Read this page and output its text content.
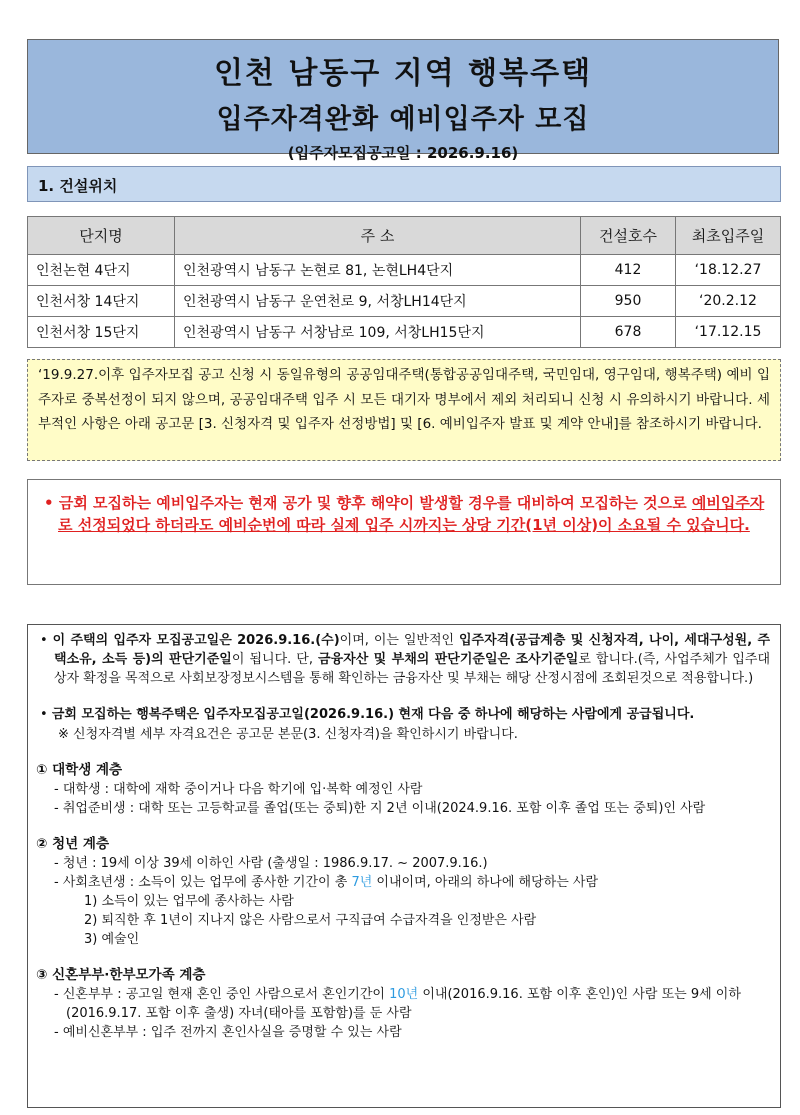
인천 남동구 지역 행복주택
입주자격완화 예비입주자 모집
(입주자모집공고일 : 2026.9.16)
1. 건설위치
단지명	주 소	건설호수	최초입주일
인천논현 4단지	인천광역시 남동구 논현로 81, 논현LH4단지	412	‘18.12.27
인천서창 14단지	인천광역시 남동구 운연천로 9, 서창LH14단지	950	‘20.2.12
인천서창 15단지	인천광역시 남동구 서창남로 109, 서창LH15단지	678	‘17.12.15
‘19.9.27.이후 입주자모집 공고 신청 시 동일유형의 공공임대주택(통합공공임대주택, 국민임대, 영구임대, 행복주택) 예비 입주자로 중복선정이 되지 않으며, 공공임대주택 입주 시 모든 대기자 명부에서 제외 처리되니 신청 시 유의하시기 바랍니다. 세부적인 사항은 아래 공고문 [3. 신청자격 및 입주자 선정방법] 및 [6. 예비입주자 발표 및 계약 안내]를 참조하시기 바랍니다.
• 금회 모집하는 예비입주자는 현재 공가 및 향후 해약이 발생할 경우를 대비하여 모집하는 것으로 예비입주자로 선정되었다 하더라도 예비순번에 따라 실제 입주 시까지는 상당 기간(1년 이상)이 소요될 수 있습니다.
• 이 주택의 입주자 모집공고일은 2026.9.16.(수)이며, 이는 일반적인 입주자격(공급계층 및 신청자격, 나이, 세대구성원, 주택소유, 소득 등)의 판단기준일이 됩니다. 단, 금융자산 및 부채의 판단기준일은 조사기준일로 합니다.(즉, 사업주체가 입주대상자 확정을 목적으로 사회보장정보시스템을 통해 확인하는 금융자산 및 부채는 해당 산정시점에 조회된것으로 적용합니다.)
• 금회 모집하는 행복주택은 입주자모집공고일(2026.9.16.) 현재 다음 중 하나에 해당하는 사람에게 공급됩니다.
※ 신청자격별 세부 자격요건은 공고문 본문(3. 신청자격)을 확인하시기 바랍니다.
① 대학생 계층
- 대학생 : 대학에 재학 중이거나 다음 학기에 입·복학 예정인 사람
- 취업준비생 : 대학 또는 고등학교를 졸업(또는 중퇴)한 지 2년 이내(2024.9.16. 포함 이후 졸업 또는 중퇴)인 사람
② 청년 계층
- 청년 : 19세 이상 39세 이하인 사람 (출생일 : 1986.9.17. ~ 2007.9.16.)
- 사회초년생 : 소득이 있는 업무에 종사한 기간이 총 7년 이내이며, 아래의 하나에 해당하는 사람
1) 소득이 있는 업무에 종사하는 사람
2) 퇴직한 후 1년이 지나지 않은 사람으로서 구직급여 수급자격을 인정받은 사람
3) 예술인
③ 신혼부부·한부모가족 계층
- 신혼부부 : 공고일 현재 혼인 중인 사람으로서 혼인기간이 10년 이내(2016.9.16. 포함 이후 혼인)인 사람 또는 9세 이하(2016.9.17. 포함 이후 출생) 자녀(태아를 포함함)를 둔 사람
- 예비신혼부부 : 입주 전까지 혼인사실을 증명할 수 있는 사람
